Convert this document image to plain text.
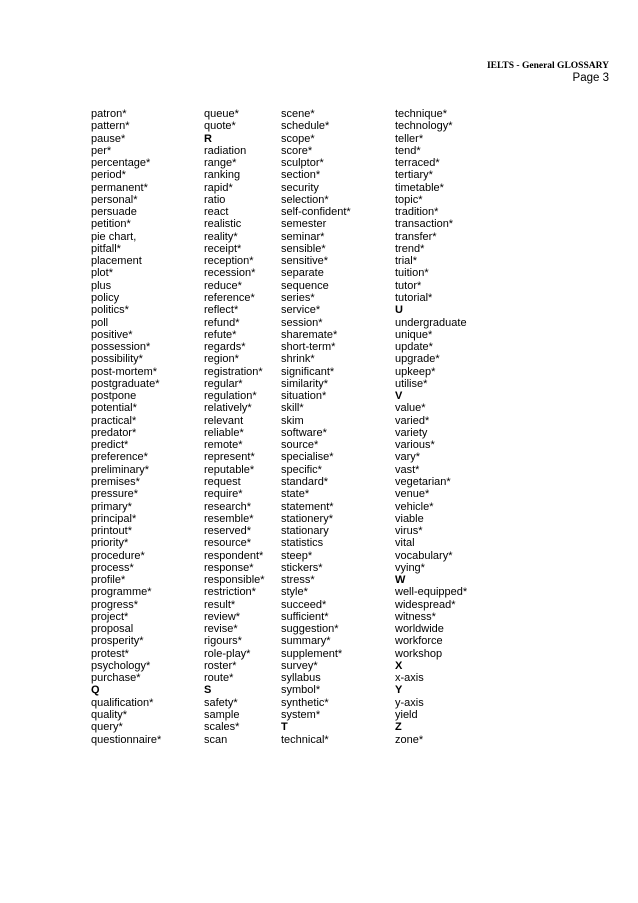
IELTS - General GLOSSARY
Page 3
patron*
pattern*
pause*
per*
percentage*
period*
permanent*
personal*
persuade
petition*
pie chart,
pitfall*
placement
plot*
plus
policy
politics*
poll
positive*
possession*
possibility*
post-mortem*
postgraduate*
postpone
potential*
practical*
predator*
predict*
preference*
preliminary*
premises*
pressure*
primary*
principal*
printout*
priority*
procedure*
process*
profile*
programme*
progress*
project*
proposal
prosperity*
protest*
psychology*
purchase*
Q
qualification*
quality*
query*
questionnaire*
queue*
quote*
R
radiation
range*
ranking
rapid*
ratio
react
realistic
reality*
receipt*
reception*
recession*
reduce*
reference*
reflect*
refund*
refute*
regards*
region*
registration*
regular*
regulation*
relatively*
relevant
reliable*
remote*
represent*
reputable*
request
require*
research*
resemble*
reserved*
resource*
respondent*
response*
responsible*
restriction*
result*
review*
revise*
rigours*
role-play*
roster*
route*
S
safety*
sample
scales*
scan
scene*
schedule*
scope*
score*
sculptor*
section*
security
selection*
self-confident*
semester
seminar*
sensible*
sensitive*
separate
sequence
series*
service*
session*
sharemate*
short-term*
shrink*
significant*
similarity*
situation*
skill*
skim
software*
source*
specialise*
specific*
standard*
state*
statement*
stationery*
stationary
statistics
steep*
stickers*
stress*
style*
succeed*
sufficient*
suggestion*
summary*
supplement*
survey*
syllabus
symbol*
synthetic*
system*
T
technical*
technique*
technology*
teller*
tend*
terraced*
tertiary*
timetable*
topic*
tradition*
transaction*
transfer*
trend*
trial*
tuition*
tutor*
tutorial*
U
undergraduate
unique*
update*
upgrade*
upkeep*
utilise*
V
value*
varied*
variety
various*
vary*
vast*
vegetarian*
venue*
vehicle*
viable
virus*
vital
vocabulary*
vying*
W
well-equipped*
widespread*
witness*
worldwide
workforce
workshop
X
x-axis
Y
y-axis
yield
Z
zone*
